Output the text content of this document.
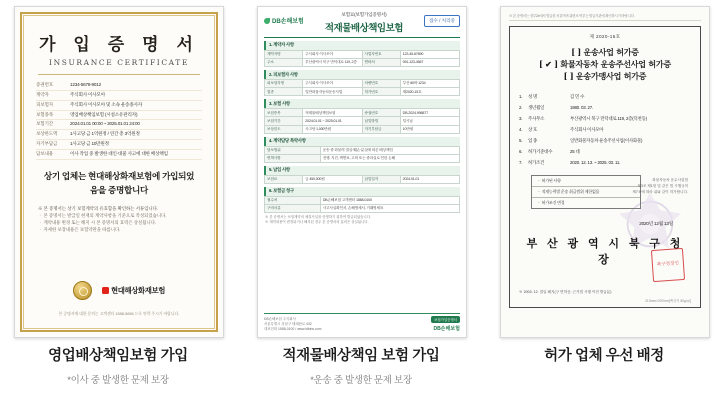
가 입 증 명 서
INSURANCE CERTIFICATE
증권번호	1234-5678-9012
계약자	주식회사 이사모아
피보험자	주식회사 이사모아 및 소속 운송종사자
보험종목	영업배상책임보험 (시설소유관리자)
보험기간	2024.01.01 00:00 ~ 2025.01.01 24:00
보상한도액	1사고당 금 1억원정 / 연간 총 3억원정
자기부담금	1사고당 금 10만원정
담보내용	이사 작업 중 발생한 대인·대물 사고에 대한 배상책임
상기 업체는 현대해상화재보험에 가입되었음을 증명합니다
※ 본 증명서는 상기 보험계약의 유효함을 확인하는 서류입니다.
ㆍ 본 증명서는 발급일 현재의 계약사항을 기준으로 작성되었습니다.
ㆍ 계약내용 변경 또는 해지 시 본 증명서의 효력은 상실됩니다.
ㆍ 자세한 보장내용은 보험약관을 따릅니다.
현대해상화재보험
본 증명서에 대한 문의는 고객센터 1588-5656 으로 연락 주시기 바랍니다.
영업배상책임보험 가입
*이사 중 발생한 문제 보장
DB손해보험
보험료(보험가입증명서)
적재물배상책임보험
접수 / 처리중
1. 계약자 사항
계약자명	주식회사 이사모아	사업자번호	123-45-67890
주소	부산광역시 북구 만덕대로 119, 2층	연락처	051-123-4567
2. 피보험자 사항
피보험자명	주식회사 이사모아	차량번호	부산 80바 1234
업종	일반화물자동차운송사업	허가번호	제2020-15호
3. 보험 사항
보험종목	적재물배상책임보험	증권번호	DB-2024-998877
보험기간	2024.01.01 ~ 2025.01.01	납입방법	일시납
보상한도	사고당 1,000만원	자기부담금	10만원
4. 계약담당 특약사항
담보범위	운송 중 화물의 멸실·훼손·분실에 따른 배상책임
면책사항	전쟁, 지진, 핵연료, 고의 또는 중과실로 인한 손해
5. 납입 사항
보험료	금 450,000원	납입일자	2024.01.01
6. 보험금 청구
접수처	DB손해보험 고객센터 1588-0100
구비서류	사고사실확인서, 손해명세서, 거래명세표
※ 본 증명서는 보험계약의 체결사실을 증명하기 위하여 발급되었습니다.
※ 계약내용이 변경되거나 해지된 경우 본 증명서의 효력은 상실됩니다.
DB손해보험 주식회사
서울특별시 강남구 테헤란로 432
대표전화 1588-0100 / www.idbins.com
보험가입증명서
DB손해보험
적재물배상책임 보험 가입
*운송 중 발생한 문제 보장
※ 본 증명서는 정부24에서 발급한 서류이며 위변조 여부는 발급기관에 확인하시기 바랍니다.
제 2020-15호
[ ] 운송사업 허가증
[ ✔ ] 화물자동차 운송주선사업 허가증
[ ] 운송가맹사업 허가증
1.	성 명	김 민 수
2.	생년월일	1980. 03. 27.
3.	주사무소	부산광역시 북구 만덕대로 119, 2층(덕천동)
4.	상 호	주식회사 이사모아
5.	업 종	일반화물자동차 운송주선사업(이사화물)
6.	허가기준대수	25 대
7.	허가조건	2020. 12. 13. ~ 2025. 03. 11.
ㆍ 허가된 사항
ㆍ 적재능력별 운송 취급범위 제한없음
ㆍ 허가조건 변경
화물자동차 운수사업법
제3조 제1항 및 같은 법 시행규칙
제7조에 따라 위와 같이 허가합니다.
2020년 12월 13일
부 산 광 역 시 북 구 청 장	북구청장인
※ 2003. 12. 말일 폐지(구 면허증, 근거법 시행 이전 발급분)
210mm×297mm[백상지 80g/㎡]
허가 업체 우선 배정
